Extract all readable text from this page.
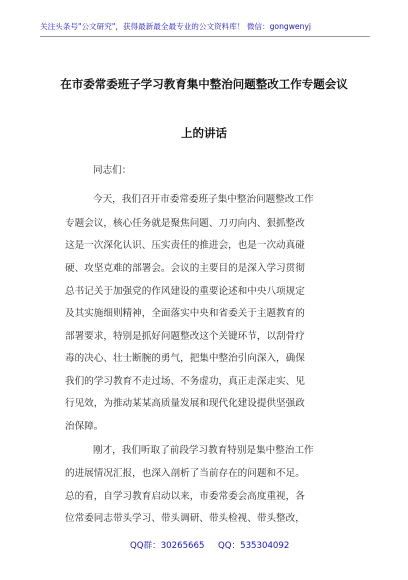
关注头条号"公文研究"，获得最新最全最专业的公文资料库！ 微信：gongwenyj
在市委常委班子学习教育集中整治问题整改工作专题会议
上的讲话
同志们：
今天，我们召开市委常委班子集中整治问题整改工作
专题会议，核心任务就是聚焦问题、刀刃向内、狠抓整改
这是一次深化认识、压实责任的推进会，也是一次动真碰
硬、攻坚克难的部署会。会议的主要目的是深入学习贯彻
总书记关于加强党的作风建设的重要论述和中央八项规定
及其实施细则精神，全面落实中央和省委关于主题教育的
部署要求，特别是抓好问题整改这个关键环节，以刮骨疗
毒的决心、壮士断腕的勇气，把集中整治引向深入，确保
我们的学习教育不走过场、不务虚功，真正走深走实、见
行见效，为推动某某高质量发展和现代化建设提供坚强政
治保障。
刚才，我们听取了前段学习教育特别是集中整治工作
的进展情况汇报，也深入剖析了当前存在的问题和不足。
总的看，自学习教育启动以来，市委常委会高度重视，各
位常委同志带头学习、带头调研、带头检视、带头整改，
QQ群：30265665 QQ：535304092
